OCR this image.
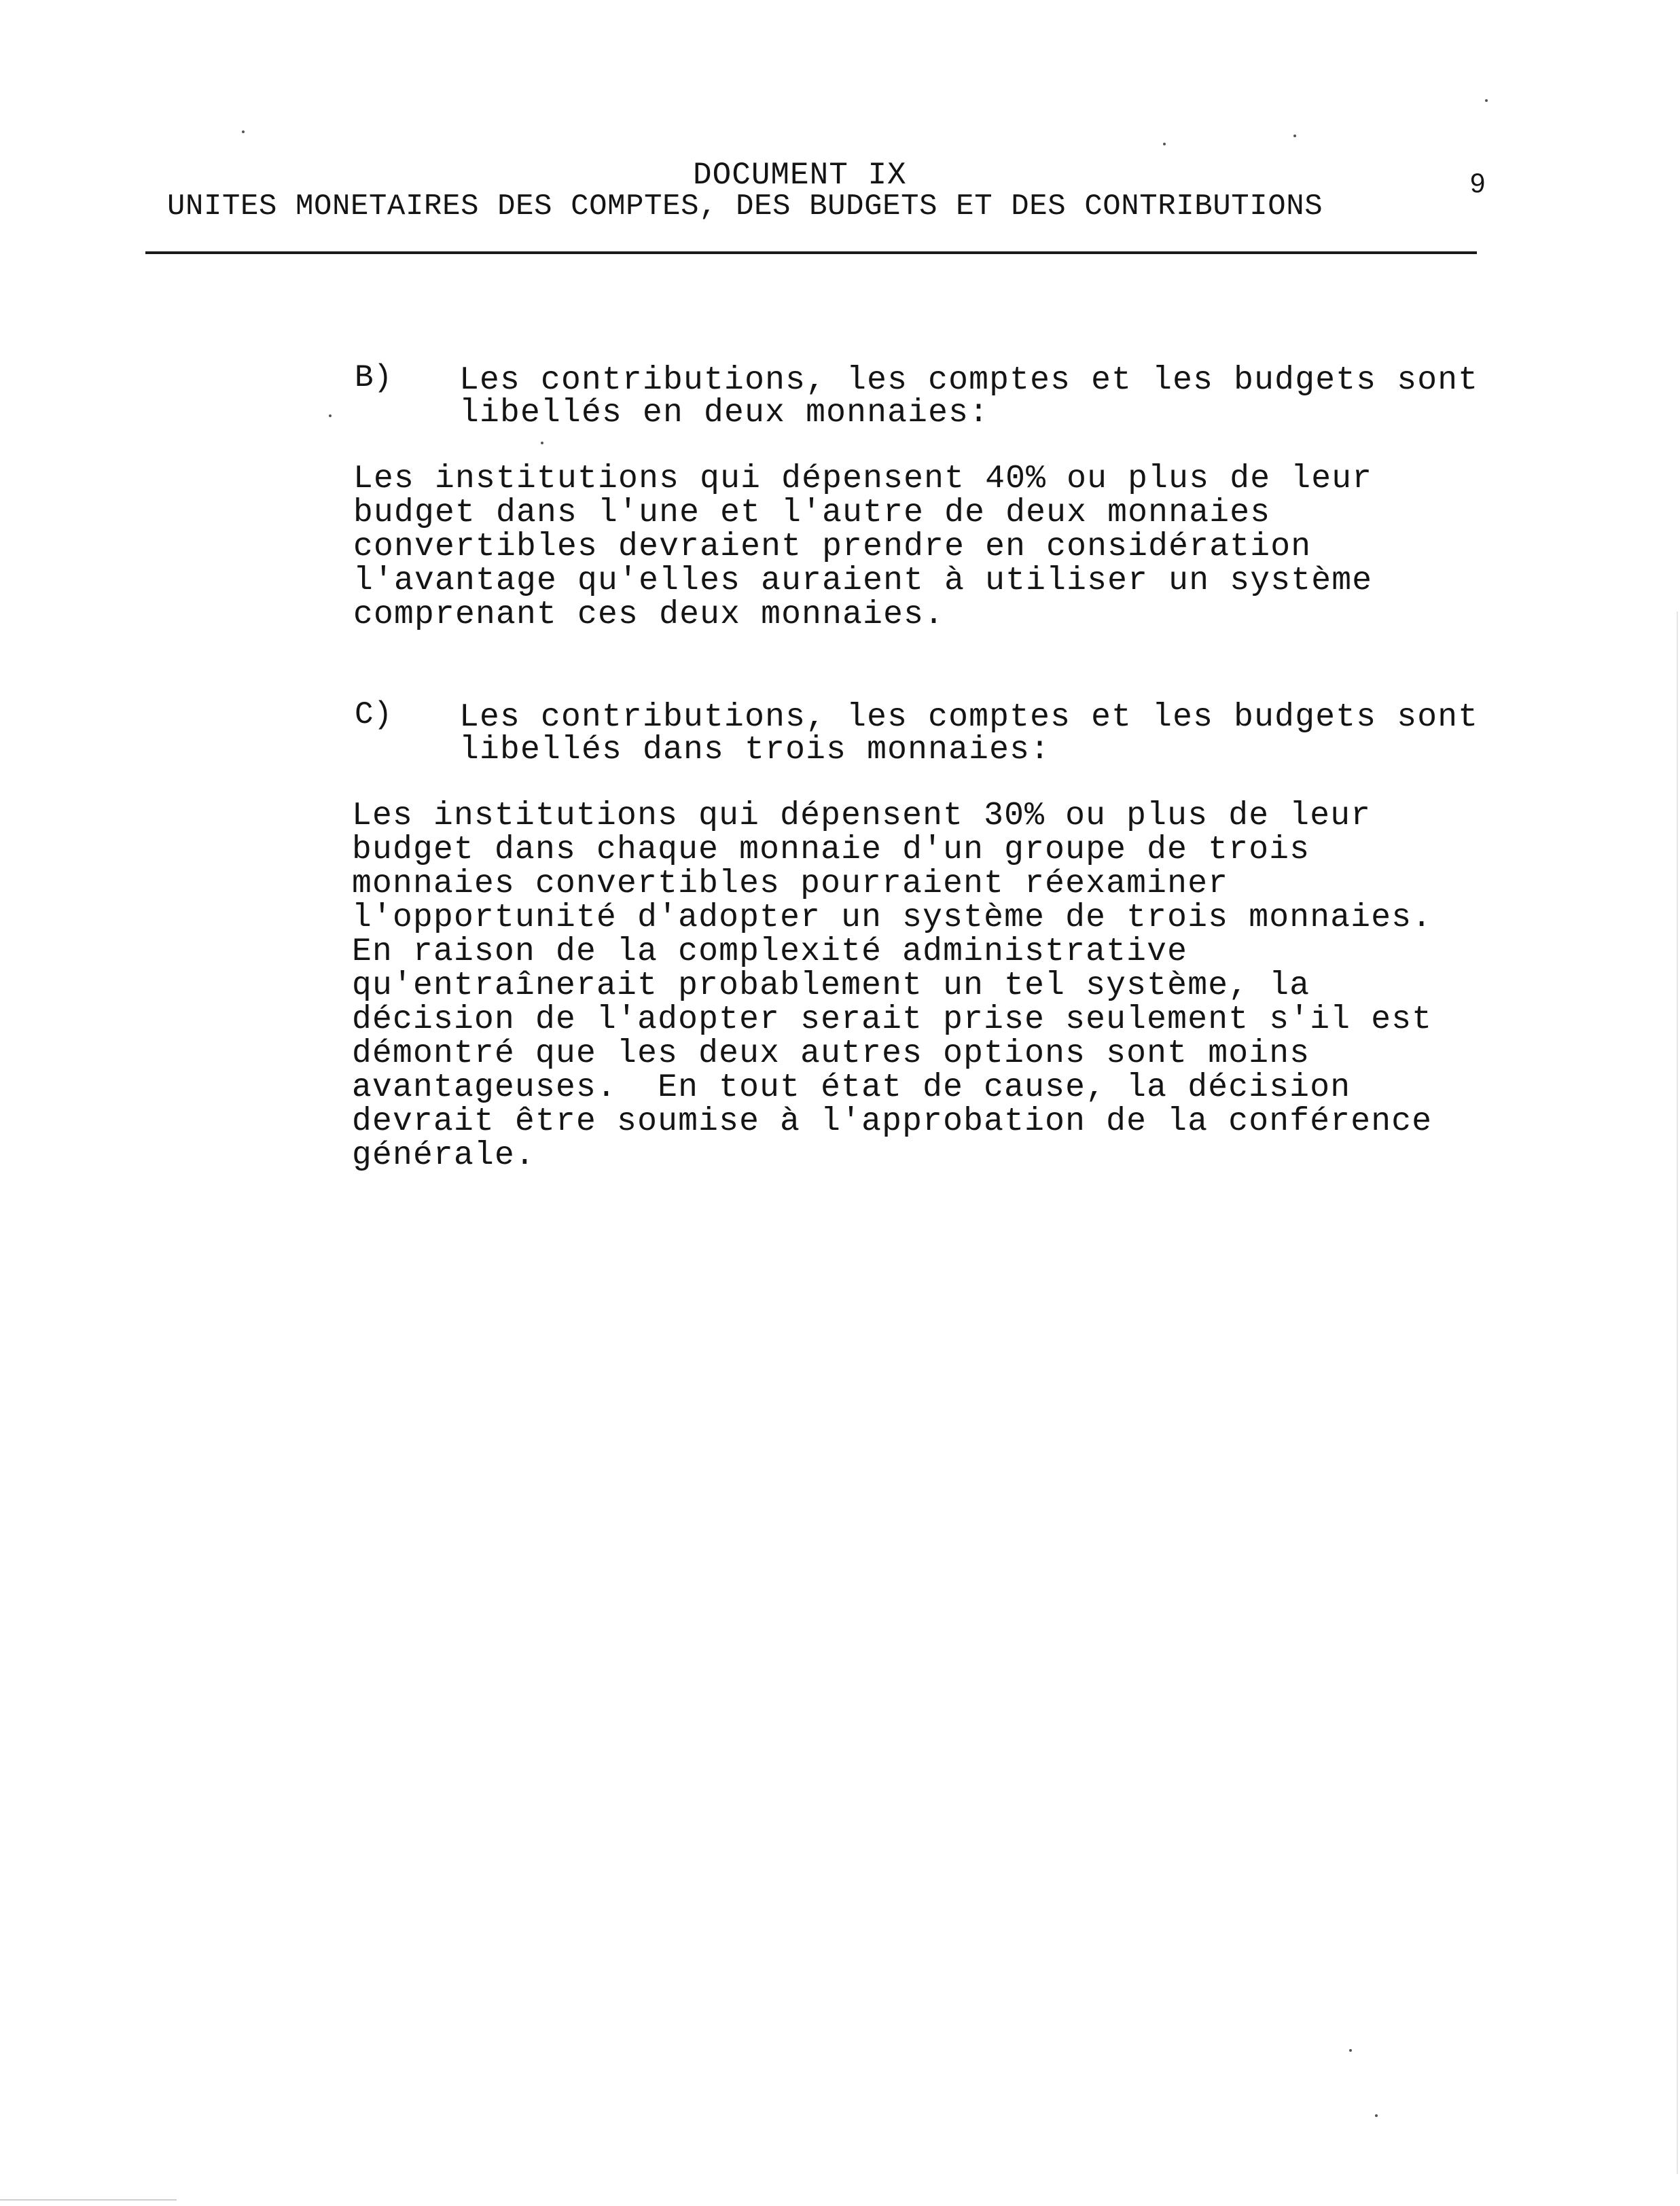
DOCUMENT IX	9
UNITES MONETAIRES DES COMPTES, DES BUDGETS ET DES CONTRIBUTIONS
B) Les contributions, les comptes et les budgets sont
libellés en deux monnaies:
Les institutions qui dépensent 40% ou plus de leur
budget dans l'une et l'autre de deux monnaies
convertibles devraient prendre en considération
l'avantage qu'elles auraient à utiliser un système
comprenant ces deux monnaies.
C) Les contributions, les comptes et les budgets sont
libellés dans trois monnaies:
Les institutions qui dépensent 30% ou plus de leur
budget dans chaque monnaie d'un groupe de trois
monnaies convertibles pourraient réexaminer
l'opportunité d'adopter un système de trois monnaies.
En raison de la complexité administrative
qu'entraînerait probablement un tel système, la
décision de l'adopter serait prise seulement s'il est
démontré que les deux autres options sont moins
avantageuses.  En tout état de cause, la décision
devrait être soumise à l'approbation de la conférence
générale.
